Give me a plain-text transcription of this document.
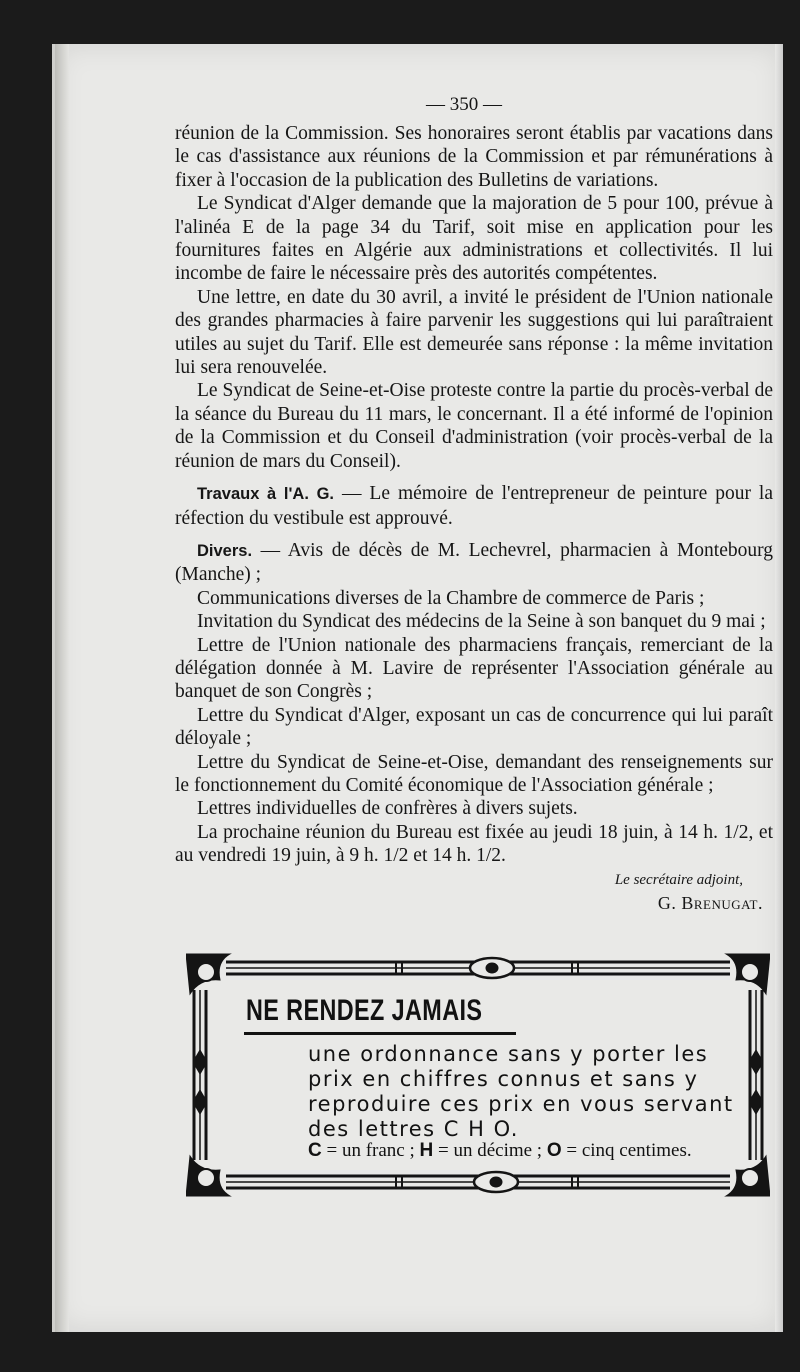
— 350 —

réunion de la Commission. Ses honoraires seront établis par vacations dans le cas d'assistance aux réunions de la Commission et par rémunérations à fixer à l'occasion de la publication des Bulletins de variations.

Le Syndicat d'Alger demande que la majoration de 5 pour 100, prévue à l'alinéa E de la page 34 du Tarif, soit mise en application pour les fournitures faites en Algérie aux administrations et collectivités. Il lui incombe de faire le nécessaire près des autorités compétentes.

Une lettre, en date du 30 avril, a invité le président de l'Union nationale des grandes pharmacies à faire parvenir les suggestions qui lui paraîtraient utiles au sujet du Tarif. Elle est demeurée sans réponse : la même invitation lui sera renouvelée.

Le Syndicat de Seine-et-Oise proteste contre la partie du procès-verbal de la séance du Bureau du 11 mars, le concernant. Il a été informé de l'opinion de la Commission et du Conseil d'administration (voir procès-verbal de la réunion de mars du Conseil).

Travaux à l'A. G. — Le mémoire de l'entrepreneur de peinture pour la réfection du vestibule est approuvé.

Divers. — Avis de décès de M. Lechevrel, pharmacien à Montebourg (Manche) ;

Communications diverses de la Chambre de commerce de Paris ;

Invitation du Syndicat des médecins de la Seine à son banquet du 9 mai ;

Lettre de l'Union nationale des pharmaciens français, remerciant de la délégation donnée à M. Lavire de représenter l'Association générale au banquet de son Congrès ;

Lettre du Syndicat d'Alger, exposant un cas de concurrence qui lui paraît déloyale ;

Lettre du Syndicat de Seine-et-Oise, demandant des renseignements sur le fonctionnement du Comité économique de l'Association générale ;

Lettres individuelles de confrères à divers sujets.

La prochaine réunion du Bureau est fixée au jeudi 18 juin, à 14 h. 1/2, et au vendredi 19 juin, à 9 h. 1/2 et 14 h. 1/2.

Le secrétaire adjoint,
G. Brenugat.
NE RENDEZ JAMAIS
une ordonnance sans y porter les
prix en chiffres connus et sans y
reproduire ces prix en vous servant
des lettres C H O.
C = un franc ; H = un décime ; O = cinq centimes.
